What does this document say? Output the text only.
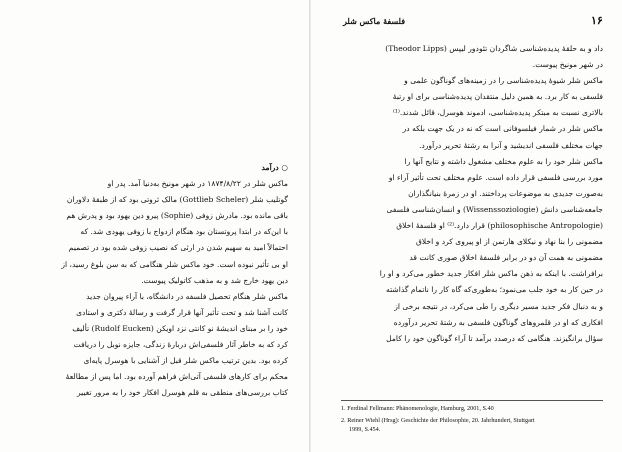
○ درآمد
ماکس شلر در ۱۸۷۴/۸/۲۲ در شهر مونیخ به‌دنیا آمد. پدر او
گوتلیب شلر (Gottlieb Scheler) مالک ثروتی بود که از طبقهٔ دلاوران
باقی مانده بود. مادرش زوفی (Sophie) پیرو دین یهود بود و پدرش هم
با این‌که در ابتدا پروتستان بود هنگام ازدواج با زوفی یهودی شد. که
احتمالاً امید به سهیم شدن در ارثی که نصیب زوفی شده بود در تصمیم
او بی تأثیر نبوده است. خود ماکس شلر هنگامی که به سن بلوغ رسید، از
دین یهود خارج شد و به مذهب کاتولیک پیوست.
ماکس شلر هنگام تحصیل فلسفه در دانشگاه، با آراء پیروان جدید
کانت آشنا شد و تحت تأثیر آنها قرار گرفت و رسالهٔ دکتری و استادی
خود را بر مبنای اندیشهٔ نو کانتی نزد اویکن (Rudolf Eucken) تألیف
کرد که به خاطر آثار فلسفی‌اش دربارهٔ زندگی، جایزه نوبل را دریافت
کرده بود. بدین ترتیب ماکس شلر قبل از آشنایی با هوسرل پایه‌ای
محکم برای کارهای فلسفی آتی‌اش فراهم آورده بود. اما پس از مطالعهٔ
کتاب بررسی‌های منطقی به قلم هوسرل افکار خود را به مرور تغییر
۱۶
فلسفهٔ ماکس شلر
داد و به حلقهٔ پدیده‌شناسی شاگردان تئودور لیپس (Theodor Lipps)
در شهر مونیخ پیوست.
ماکس شلر شیوهٔ پدیده‌شناسی را در زمینه‌های گوناگون علمی و
فلسفی به کار برد. به همین دلیل منتقدان پدیده‌شناسی برای او رتبهٔ
بالاتری نسبت به مبتکر پدیده‌شناسی، ادموند هوسرل، قائل شدند.⁽¹⁾
ماکس شلر در شمار فیلسوفانی است که نه در یک جهت بلکه در
جهات مختلف فلسفی اندیشید و آنرا به رشتهٔ تحریر درآورد.
ماکس شلر خود را به علوم مختلف مشغول داشته و نتایج آنها را
مورد بررسی فلسفی قرار داده است. علوم مختلف تحت تأثیر آراء او
به‌صورت جدیدی به موضوعات پرداختند. او در زمرهٔ بنیانگذاران
جامعه‌شناسی دانش (Wissenssoziologie) و انسان‌شناسی فلسفی
(philosophische Antropologie) قرار دارد.⁽²⁾ او فلسفهٔ اخلاق
مضمونی را بنا نهاد و نیکلای هارتمن از او پیروی کرد و اخلاق
مضمونی به همت آن دو در برابر فلسفهٔ اخلاق صوری کانت قد
برافراشت. با اینکه به ذهن ماکس شلر افکار جدید خطور می‌کرد و او را
در حین کار به خود جلب می‌نمود؛ به‌طوری‌که گاه کار را ناتمام گذاشته
و به دنبال فکر جدید مسیر دیگری را طی می‌کرد، در نتیجه برخی از
افکاری که او در قلمروهای گوناگون فلسفی به رشتهٔ تحریر درآورده
سؤال برانگیزند. هنگامی که درصدد برآمد تا آراء گوناگون خود را کامل
1. Ferdinal Fellmann: Phänomenologie, Hamburg, 2001, S.40
2. Reiner Wiehl (Hrsg): Geschichte der Philosophie, 20. Jahrhundert, Stuttgart
1999, S.454.
